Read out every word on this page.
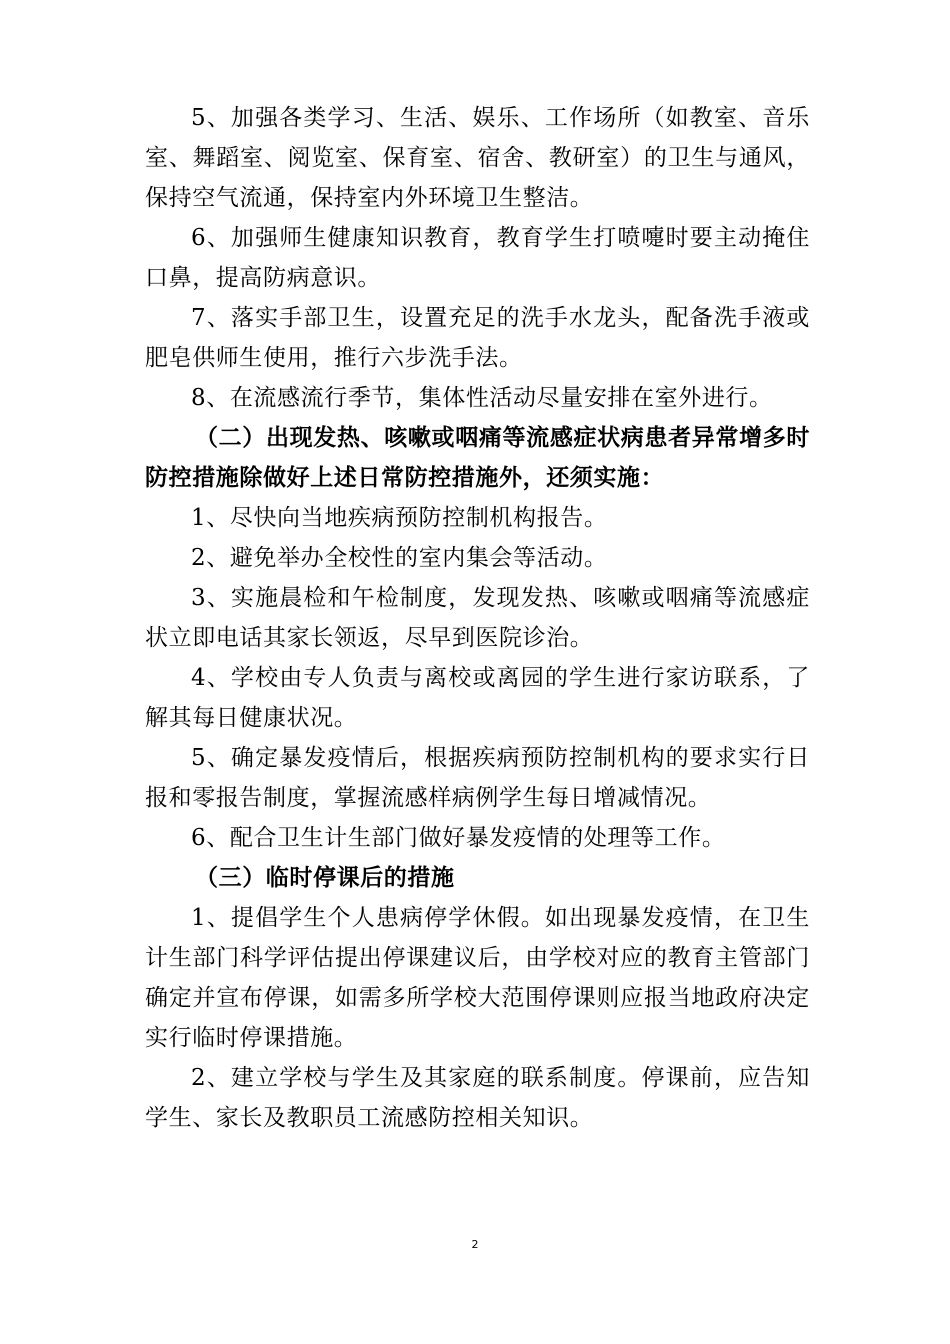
5、加强各类学习、生活、娱乐、工作场所（如教室、音乐室、舞蹈室、阅览室、保育室、宿舍、教研室）的卫生与通风，保持空气流通，保持室内外环境卫生整洁。

6、加强师生健康知识教育，教育学生打喷嚏时要主动掩住口鼻，提高防病意识。

7、落实手部卫生，设置充足的洗手水龙头，配备洗手液或肥皂供师生使用，推行六步洗手法。

8、在流感流行季节，集体性活动尽量安排在室外进行。

（二）出现发热、咳嗽或咽痛等流感症状病患者异常增多时防控措施除做好上述日常防控措施外，还须实施：

1、尽快向当地疾病预防控制机构报告。

2、避免举办全校性的室内集会等活动。

3、实施晨检和午检制度，发现发热、咳嗽或咽痛等流感症状立即电话其家长领返，尽早到医院诊治。

4、学校由专人负责与离校或离园的学生进行家访联系，了解其每日健康状况。

5、确定暴发疫情后，根据疾病预防控制机构的要求实行日报和零报告制度，掌握流感样病例学生每日增减情况。

6、配合卫生计生部门做好暴发疫情的处理等工作。

（三）临时停课后的措施

1、提倡学生个人患病停学休假。如出现暴发疫情，在卫生计生部门科学评估提出停课建议后，由学校对应的教育主管部门确定并宣布停课，如需多所学校大范围停课则应报当地政府决定实行临时停课措施。

2、建立学校与学生及其家庭的联系制度。停课前，应告知学生、家长及教职员工流感防控相关知识。

2
